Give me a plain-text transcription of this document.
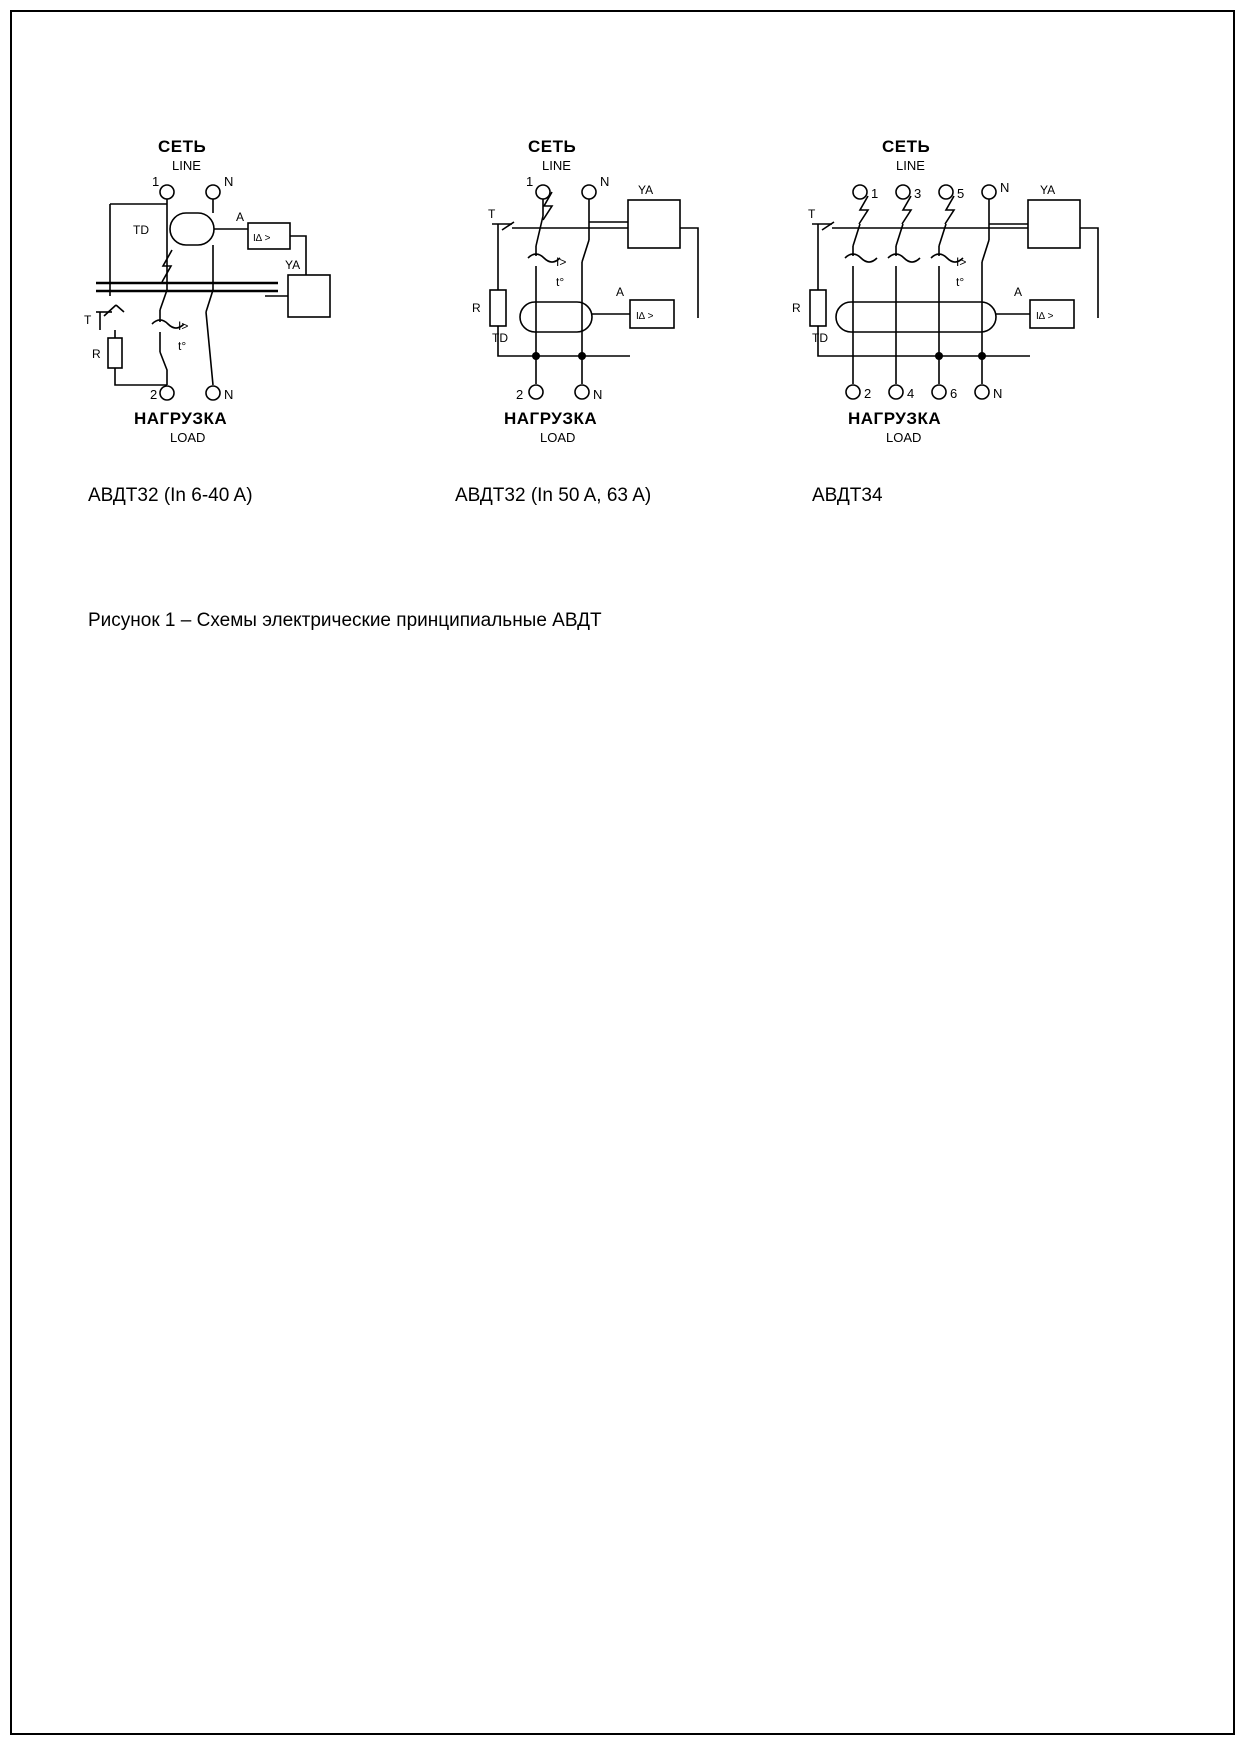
СЕТЬ
LINE
1	N
TD
A
I∆ >
YA
T
R
I>
t°
2	N
НАГРУЗКА
LOAD
СЕТЬ
LINE
1	N
YA
T
R
I>
t°
TD
A
I∆ >
2	N
НАГРУЗКА
LOAD
СЕТЬ
LINE
1	3	5	N	YA
T
R
I>
t°
TD
A
I∆ >
2	4	6	N
НАГРУЗКА
LOAD
АВДТ32 (In 6-40 A)	АВДТ32 (In 50 A, 63 A)	АВДТ34
Рисунок 1 – Схемы электрические принципиальные АВДТ
